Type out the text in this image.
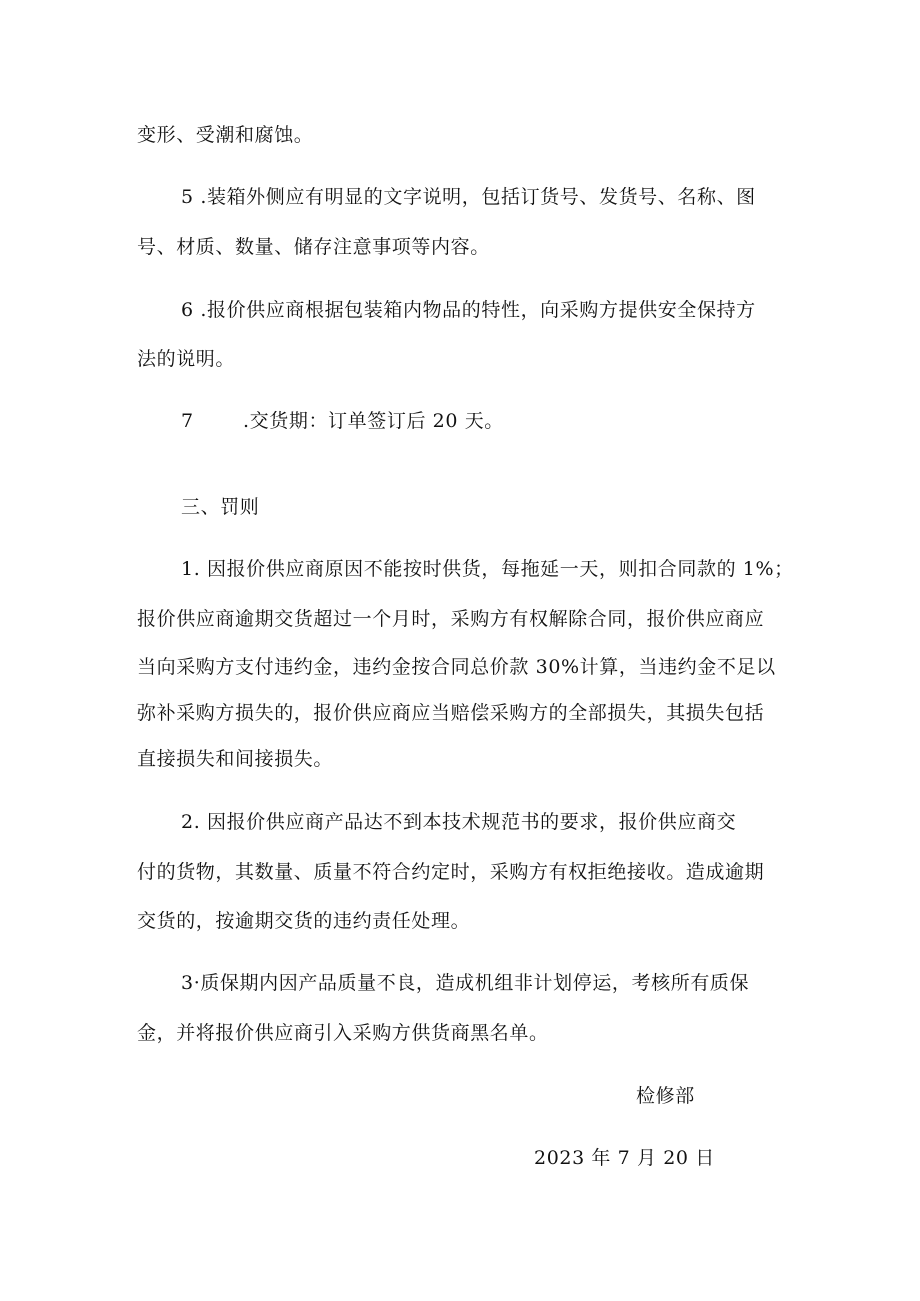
变形、受潮和腐蚀。
5 .装箱外侧应有明显的文字说明，包括订货号、发货号、名称、图
号、材质、数量、储存注意事项等内容。
6 .报价供应商根据包装箱内物品的特性，向采购方提供安全保持方
法的说明。
7	.交货期：订单签订后 20 天。
三、罚则
1. 因报价供应商原因不能按时供货，每拖延一天，则扣合同款的 1%；
报价供应商逾期交货超过一个月时，采购方有权解除合同，报价供应商应
当向采购方支付违约金，违约金按合同总价款 30%计算，当违约金不足以
弥补采购方损失的，报价供应商应当赔偿采购方的全部损失，其损失包括
直接损失和间接损失。
2. 因报价供应商产品达不到本技术规范书的要求，报价供应商交
付的货物，其数量、质量不符合约定时，采购方有权拒绝接收。造成逾期
交货的，按逾期交货的违约责任处理。
3·质保期内因产品质量不良，造成机组非计划停运，考核所有质保
金，并将报价供应商引入采购方供货商黑名单。
检修部
2023 年 7 月 20 日
